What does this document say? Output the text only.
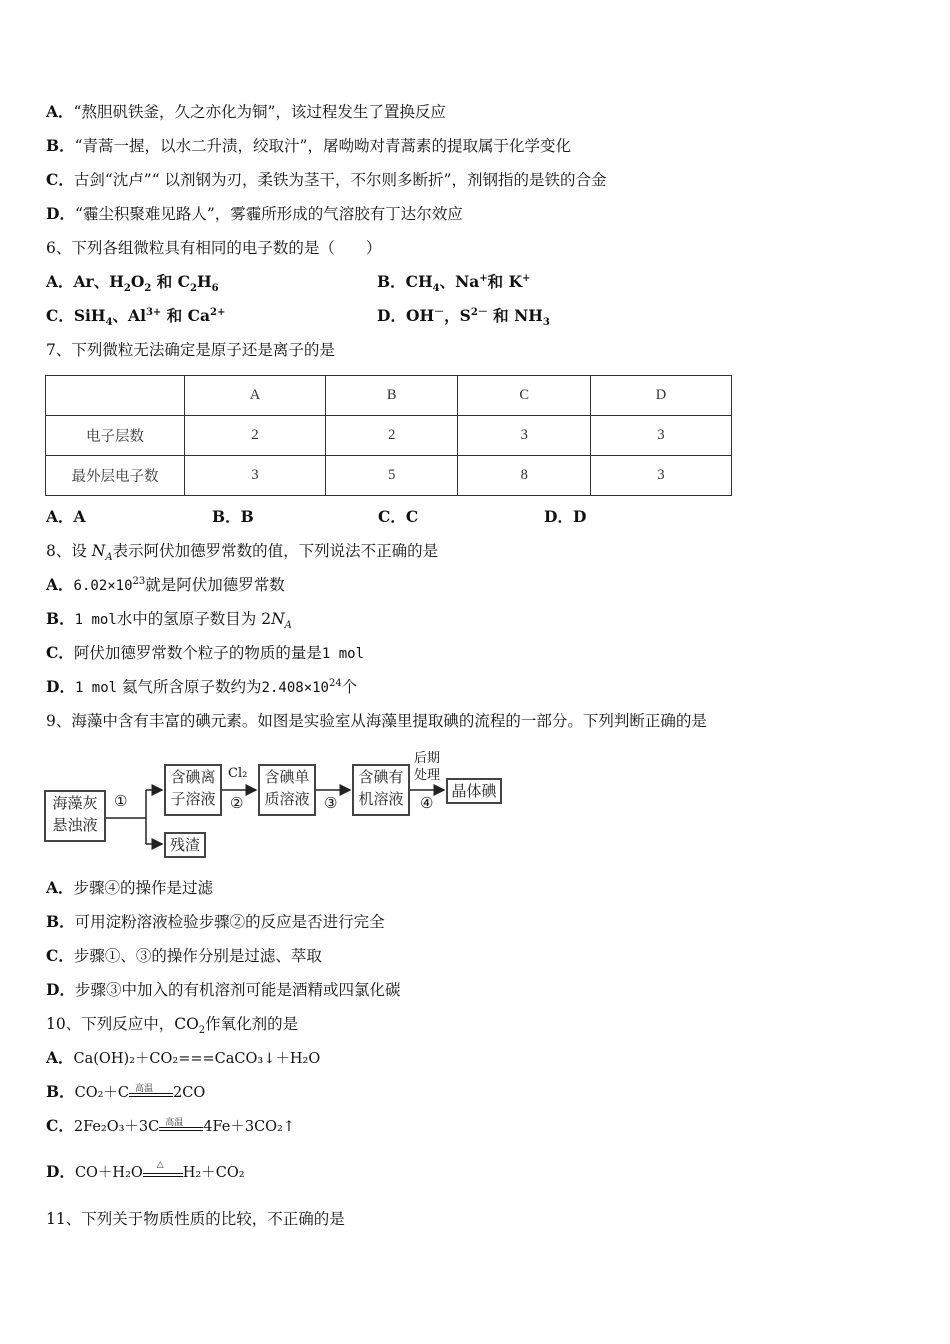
A．“熬胆矾铁釜，久之亦化为铜”，该过程发生了置换反应
B．“青蒿一握，以水二升渍，绞取汁”，屠呦呦对青蒿素的提取属于化学变化
C．古剑“沈卢”“ 以剂钢为刃，柔铁为茎干，不尔则多断折”，剂钢指的是铁的合金
D．“霾尘积聚难见路人”，雾霾所形成的气溶胶有丁达尔效应
6、下列各组微粒具有相同的电子数的是（　　）
A．Ar、$H_2O_2$ 和 $C_2H_6$	B．$CH_4$、Na+和 K+
C．SiH$_4$、$Al^{3+}$ 和 $Ca^{2+}$	D．OH－，$S^{2-}$ 和 $NH_3$
7、下列微粒无法确定是原子还是离子的是
	A	B	C	D
电子层数	2	2	3	3
最外层电子数	3	5	8	3
A．A	B．B	C．C	D．D
8、设 $N_A$表示阿伏加德罗常数的值，下列说法不正确的是
A．$6.02\times 10^{23}$就是阿伏加德罗常数
B．1 mol水中的氢原子数目为 $2N_A$
C．阿伏加德罗常数个粒子的物质的量是1 mol
D．1 mol 氦气所含原子数约为$2.408\times 10^{24}$个
9、海藻中含有丰富的碘元素。如图是实验室从海藻里提取碘的流程的一部分。下列判断正确的是
海藻灰
悬浊液
①
含碘离
子溶液
残渣
Cl₂
②
含碘单
质溶液 ③
含碘有
机溶液
后期
处理
④
晶体碘
A．步骤④的操作是过滤
B．可用淀粉溶液检验步骤②的反应是否进行完全
C．步骤①、③的操作分别是过滤、萃取
D．步骤③中加入的有机溶剂可能是酒精或四氯化碳
10、下列反应中，$CO_2$作氧化剂的是
A．Ca(OH)₂＋CO₂===CaCO₃↓＋H₂O
B．CO₂＋C 高温 2CO
C．2Fe₂O₃＋3C 高温 4Fe＋3CO₂↑
D．CO＋H₂O △ H₂＋CO₂
11、下列关于物质性质的比较，不正确的是
